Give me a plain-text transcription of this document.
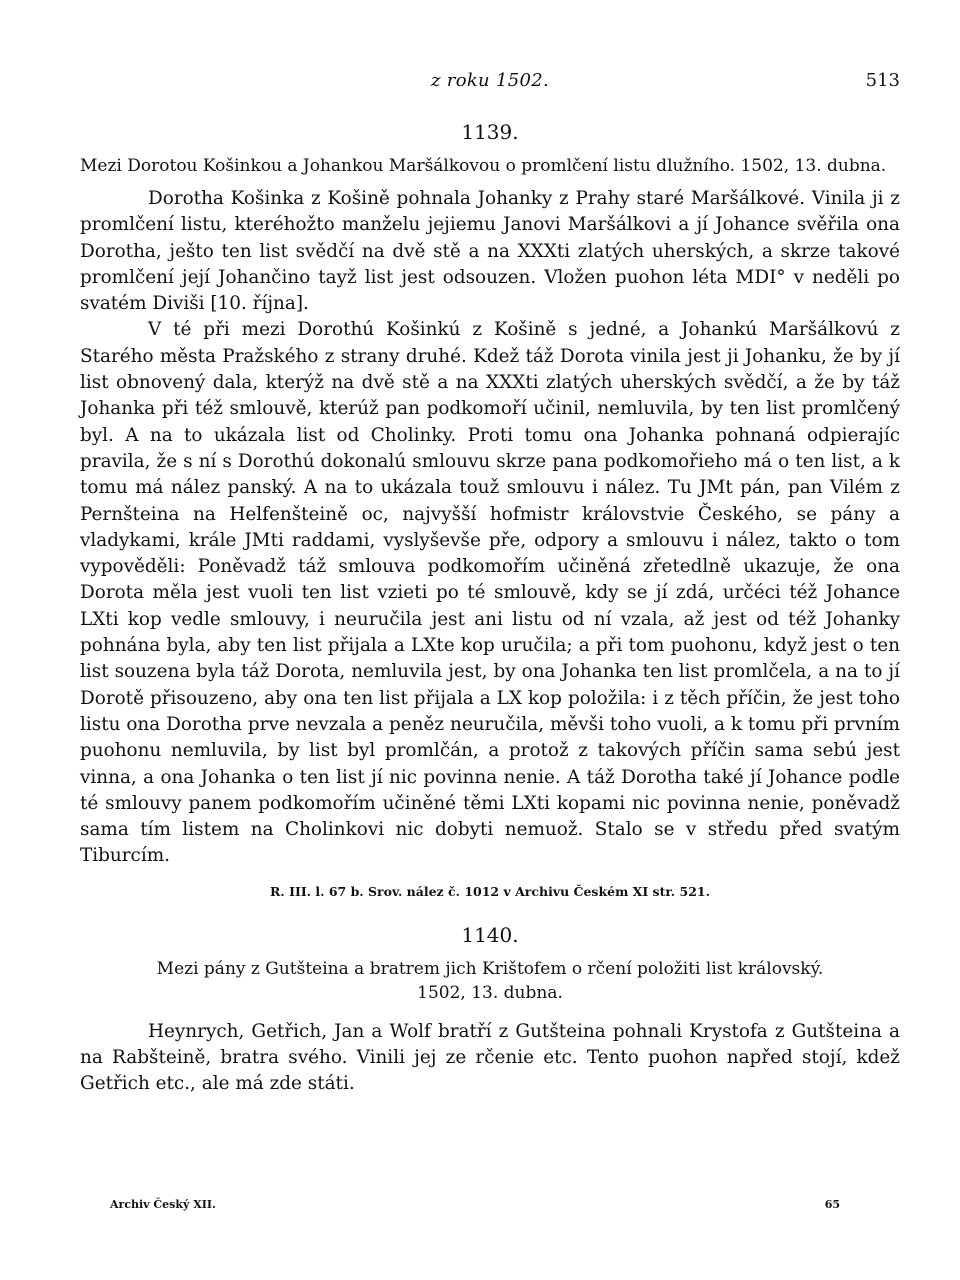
z roku 1502.	513
1139.

Mezi Dorotou Košinkou a Johankou Maršálkovou o promlčení listu dlužního. 1502, 13. dubna.

Dorotha Košinka z Košině pohnala Johanky z Prahy staré Maršálkové. Vinila ji z promlčení listu, kteréhožto manželu jejiemu Janovi Maršálkovi a jí Johance svěřila ona Dorotha, ješto ten list svědčí na dvě stě a na XXXti zlatých uherských, a skrze takové promlčení její Johančino tayž list jest odsouzen. Vložen puohon léta MDI° v neděli po svatém Diviši [10. října].

V té při mezi Dorothú Košinkú z Košině s jedné, a Johankú Maršálkovú z Starého města Pražského z strany druhé. Kdež táž Dorota vinila jest ji Johanku, že by jí list obnovený dala, kterýž na dvě stě a na XXXti zlatých uherských svědčí, a že by táž Johanka při též smlouvě, kterúž pan podkomoří učinil, nemluvila, by ten list promlčený byl. A na to ukázala list od Cholinky. Proti tomu ona Johanka pohnaná odpierajíc pravila, že s ní s Dorothú dokonalú smlouvu skrze pana podkomořieho má o ten list, a k tomu má nález panský. A na to ukázala touž smlouvu i nález. Tu JMt pán, pan Vilém z Pernšteina na Helfenšteině oc, najvyšší hofmistr královstvie Českého, se pány a vladykami, krále JMti raddami, vyslyševše pře, odpory a smlouvu i nález, takto o tom vypověděli: Poněvadž táž smlouva podkomořím učiněná zřetedlně ukazuje, že ona Dorota měla jest vuoli ten list vzieti po té smlouvě, kdy se jí zdá, určéci též Johance LXti kop vedle smlouvy, i neuručila jest ani listu od ní vzala, až jest od též Johanky pohnána byla, aby ten list přijala a LXte kop uručila; a při tom puohonu, když jest o ten list souzena byla táž Dorota, nemluvila jest, by ona Johanka ten list promlčela, a na to jí Dorotě přisouzeno, aby ona ten list přijala a LX kop položila: i z těch příčin, že jest toho listu ona Dorotha prve nevzala a peněz neuručila, měvši toho vuoli, a k tomu při prvním puohonu nemluvila, by list byl promlčán, a protož z takových příčin sama sebú jest vinna, a ona Johanka o ten list jí nic povinna nenie. A táž Dorotha také jí Johance podle té smlouvy panem podkomořím učiněné těmi LXti kopami nic povinna nenie, poněvadž sama tím listem na Cholinkovi nic dobyti nemuož. Stalo se v středu před svatým Tiburcím.

R. III. l. 67 b. Srov. nález č. 1012 v Archivu Českém XI str. 521.
1140.

Mezi pány z Gutšteina a bratrem jich Krištofem o rčení položiti list královský.
1502, 13. dubna.

Heynrych, Getřich, Jan a Wolf bratří z Gutšteina pohnali Krystofa z Gutšteina a na Rabšteině, bratra svého. Vinili jej ze rčenie etc. Tento puohon napřed stojí, kdež Getřich etc., ale má zde státi.

Archiv Český XII.	65
